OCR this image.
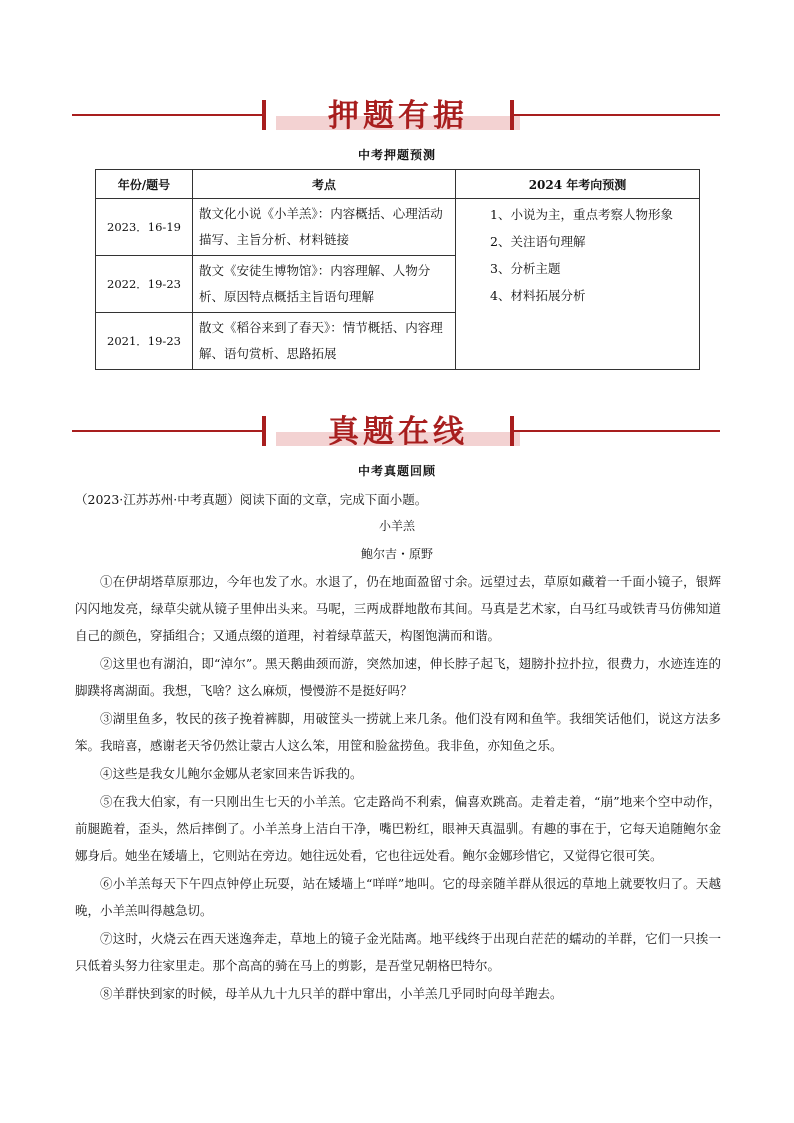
押题有据
中考押题预测
年份/题号	考点	2024 年考向预测
2023．16-19	散文化小说《小羊羔》：内容概括、心理活动描写、主旨分析、材料链接	1、小说为主，重点考察人物形象
2、关注语句理解
3、分析主题
4、材料拓展分析

2022．19-23	散文《安徒生博物馆》：内容理解、人物分析、原因特点概括主旨语句理解	
2021．19-23	散文《稻谷来到了春天》：情节概括、内容理解、语句赏析、思路拓展	
真题在线
中考真题回顾
（2023·江苏苏州·中考真题）阅读下面的文章，完成下面小题。
小羊羔
鲍尔吉・原野

①在伊胡塔草原那边，今年也发了水。水退了，仍在地面盈留寸余。远望过去，草原如藏着一千面小镜子，银辉闪闪地发亮，绿草尖就从镜子里伸出头来。马呢，三两成群地散布其间。马真是艺术家，白马红马或铁青马仿佛知道自己的颜色，穿插组合；又通点缀的道理，衬着绿草蓝天，构图饱满而和谐。

②这里也有湖泊，即“淖尔”。黑天鹅曲颈而游，突然加速，伸长脖子起飞，翅膀扑拉扑拉，很费力，水迹连连的脚蹼将离湖面。我想，飞啥？这么麻烦，慢慢游不是挺好吗？

③湖里鱼多，牧民的孩子挽着裤脚，用破筐头一捞就上来几条。他们没有网和鱼竿。我细笑话他们，说这方法多笨。我暗喜，感谢老天爷仍然让蒙古人这么笨，用筐和脸盆捞鱼。我非鱼，亦知鱼之乐。

④这些是我女儿鲍尔金娜从老家回来告诉我的。

⑤在我大伯家，有一只刚出生七天的小羊羔。它走路尚不利索，偏喜欢跳高。走着走着，“崩”地来个空中动作，前腿跪着，歪头，然后摔倒了。小羊羔身上洁白干净，嘴巴粉红，眼神天真温驯。有趣的事在于，它每天追随鲍尔金娜身后。她坐在矮墙上，它则站在旁边。她往远处看，它也往远处看。鲍尔金娜珍惜它，又觉得它很可笑。

⑥小羊羔每天下午四点钟停止玩耍，站在矮墙上“咩咩”地叫。它的母亲随羊群从很远的草地上就要牧归了。天越晚，小羊羔叫得越急切。

⑦这时，火烧云在西天迷逸奔走，草地上的镜子金光陆离。地平线终于出现白茫茫的蠕动的羊群，它们一只挨一只低着头努力往家里走。那个高高的骑在马上的剪影，是吾堂兄朝格巴特尔。

⑧羊群快到家的时候，母羊从九十九只羊的群中窜出，小羊羔几乎同时向母羊跑去。
